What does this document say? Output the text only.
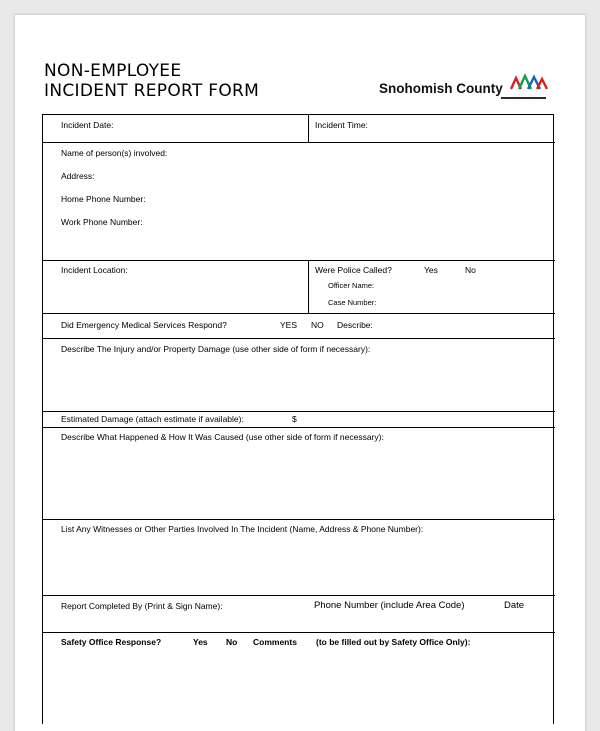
NON-EMPLOYEE
INCIDENT REPORT FORM	Snohomish County
Incident Date:	Incident Time:
Name of person(s) involved:
Address:
Home Phone Number:
Work Phone Number:
Incident Location:	Were Police Called?	Yes	No
Officer Name:
Case Number:
Did Emergency Medical Services Respond?	YES NO Describe:
Describe The Injury and/or Property Damage (use other side of form if necessary):
Estimated Damage (attach estimate if available):	$
Describe What Happened & How It Was Caused (use other side of form if necessary):
List Any Witnesses or Other Parties Involved In The Incident (Name, Address & Phone Number):
Report Completed By (Print & Sign Name):	Phone Number (include Area Code)	Date
Safety Office Response?	Yes No Comments (to be filled out by Safety Office Only):
